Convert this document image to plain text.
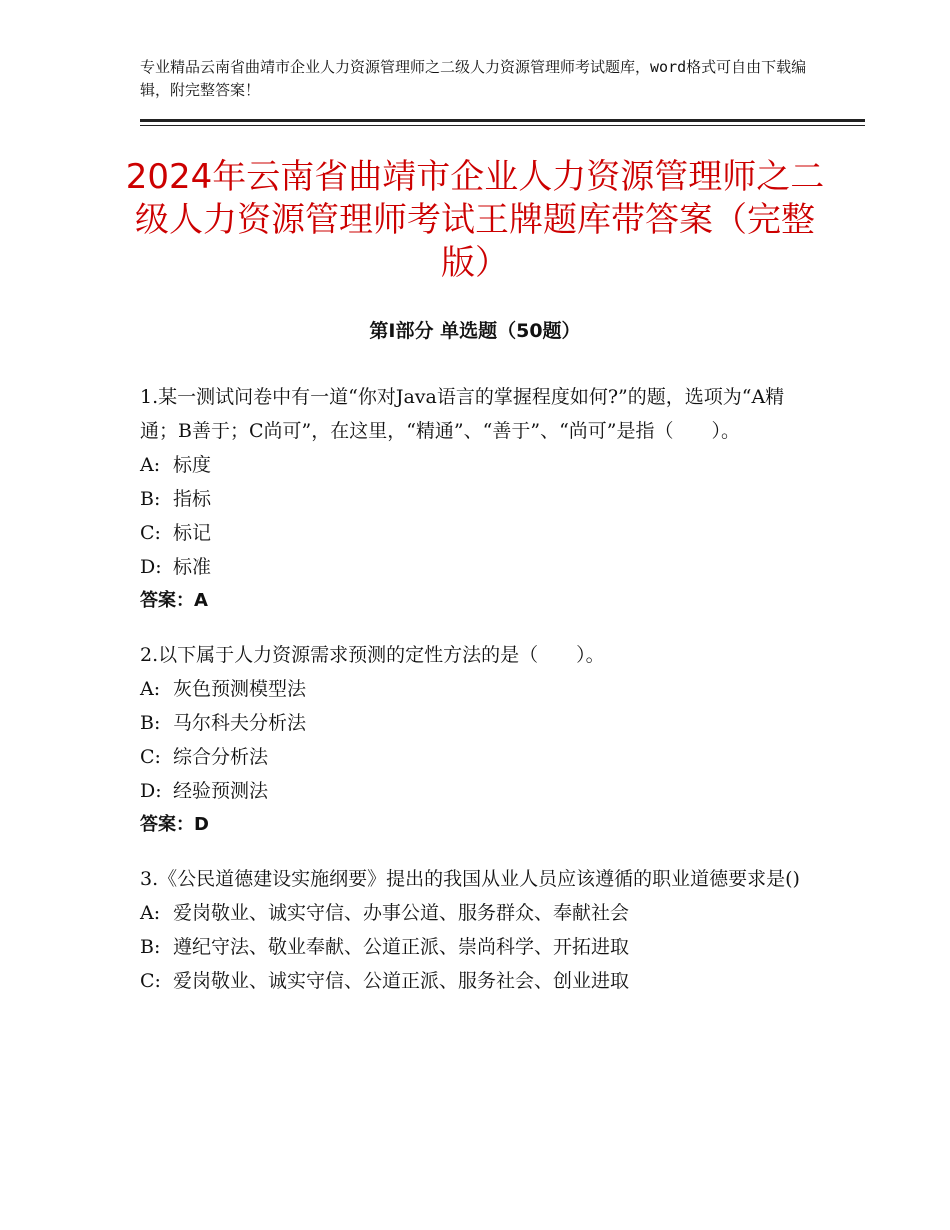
专业精品云南省曲靖市企业人力资源管理师之二级人力资源管理师考试题库，word格式可自由下载编辑，附完整答案！
2024年云南省曲靖市企业人力资源管理师之二级人力资源管理师考试王牌题库带答案（完整版）
第Ⅰ部分 单选题（50题）
1.某一测试问卷中有一道“你对Java语言的掌握程度如何?”的题，选项为“A精通；B善于；C尚可”，在这里，“精通”、“善于”、“尚可”是指（　　）。
A: 标度
B: 指标
C: 标记
D: 标准
答案：A
2.以下属于人力资源需求预测的定性方法的是（　　）。
A: 灰色预测模型法
B: 马尔科夫分析法
C: 综合分析法
D: 经验预测法
答案：D
3.《公民道德建设实施纲要》提出的我国从业人员应该遵循的职业道德要求是()
A: 爱岗敬业、诚实守信、办事公道、服务群众、奉献社会
B: 遵纪守法、敬业奉献、公道正派、崇尚科学、开拓进取
C: 爱岗敬业、诚实守信、公道正派、服务社会、创业进取
